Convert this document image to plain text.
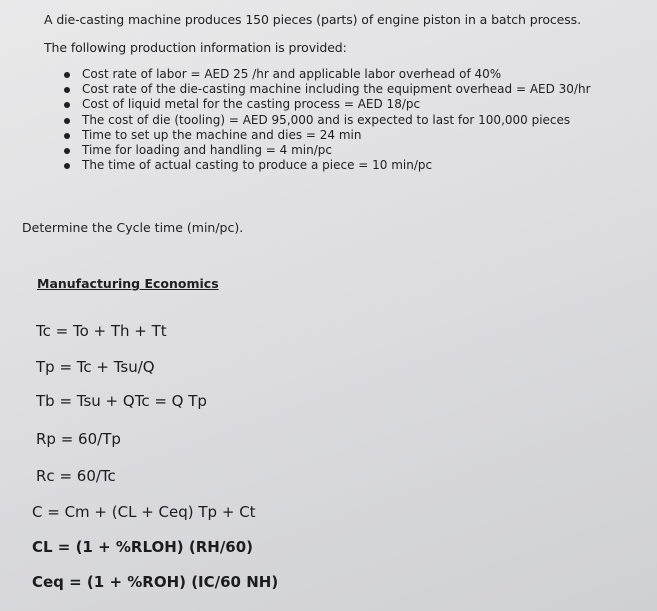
A die-casting machine produces 150 pieces (parts) of engine piston in a batch process.
The following production information is provided:
Cost rate of labor = AED 25 /hr and applicable labor overhead of 40%
Cost rate of the die-casting machine including the equipment overhead = AED 30/hr
Cost of liquid metal for the casting process = AED 18/pc
The cost of die (tooling) = AED 95,000 and is expected to last for 100,000 pieces
Time to set up the machine and dies = 24 min
Time for loading and handling = 4 min/pc
The time of actual casting to produce a piece = 10 min/pc
Determine the Cycle time (min/pc).
Manufacturing Economics
Tc = To + Th + Tt
Tp = Tc + Tsu/Q
Tb = Tsu + QTc = Q Tp
Rp = 60/Tp
Rc = 60/Tc
C = Cm + (CL + Ceq) Tp + Ct
CL = (1 + %RLOH) (RH/60)
Ceq = (1 + %ROH) (IC/60 NH)
